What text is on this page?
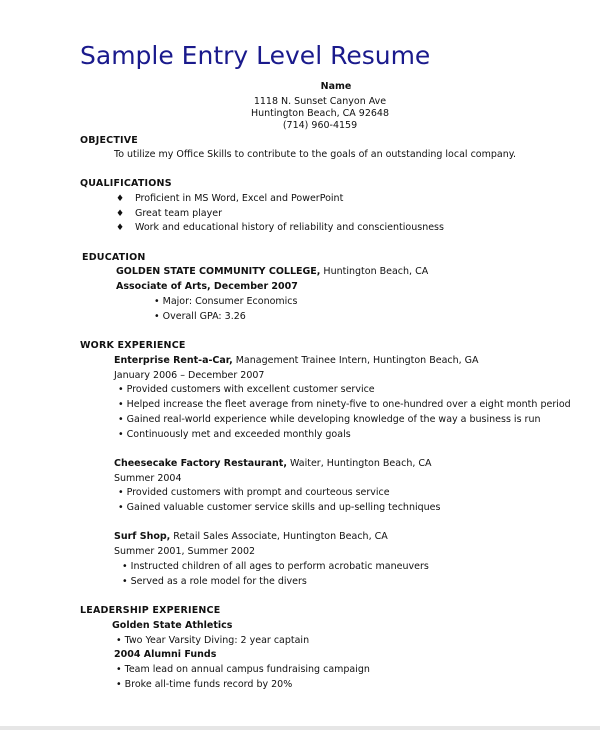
Sample Entry Level Resume
Name
1118 N. Sunset Canyon Ave
Huntington Beach, CA 92648
(714) 960-4159
OBJECTIVE
To utilize my Office Skills to contribute to the goals of an outstanding local company.
QUALIFICATIONS
♦ Proficient in MS Word, Excel and PowerPoint
♦ Great team player
♦ Work and educational history of reliability and conscientiousness
EDUCATION
GOLDEN STATE COMMUNITY COLLEGE, Huntington Beach, CA
Associate of Arts, December 2007
• Major: Consumer Economics
• Overall GPA: 3.26
WORK EXPERIENCE
Enterprise Rent-a-Car, Management Trainee Intern, Huntington Beach, GA
January 2006 – December 2007
• Provided customers with excellent customer service
• Helped increase the fleet average from ninety-five to one-hundred over a eight month period
• Gained real-world experience while developing knowledge of the way a business is run
• Continuously met and exceeded monthly goals
Cheesecake Factory Restaurant, Waiter, Huntington Beach, CA
Summer 2004
• Provided customers with prompt and courteous service
• Gained valuable customer service skills and up-selling techniques
Surf Shop, Retail Sales Associate, Huntington Beach, CA
Summer 2001, Summer 2002
• Instructed children of all ages to perform acrobatic maneuvers
• Served as a role model for the divers
LEADERSHIP EXPERIENCE
Golden State Athletics
• Two Year Varsity Diving: 2 year captain
2004 Alumni Funds
• Team lead on annual campus fundraising campaign
• Broke all-time funds record by 20%
